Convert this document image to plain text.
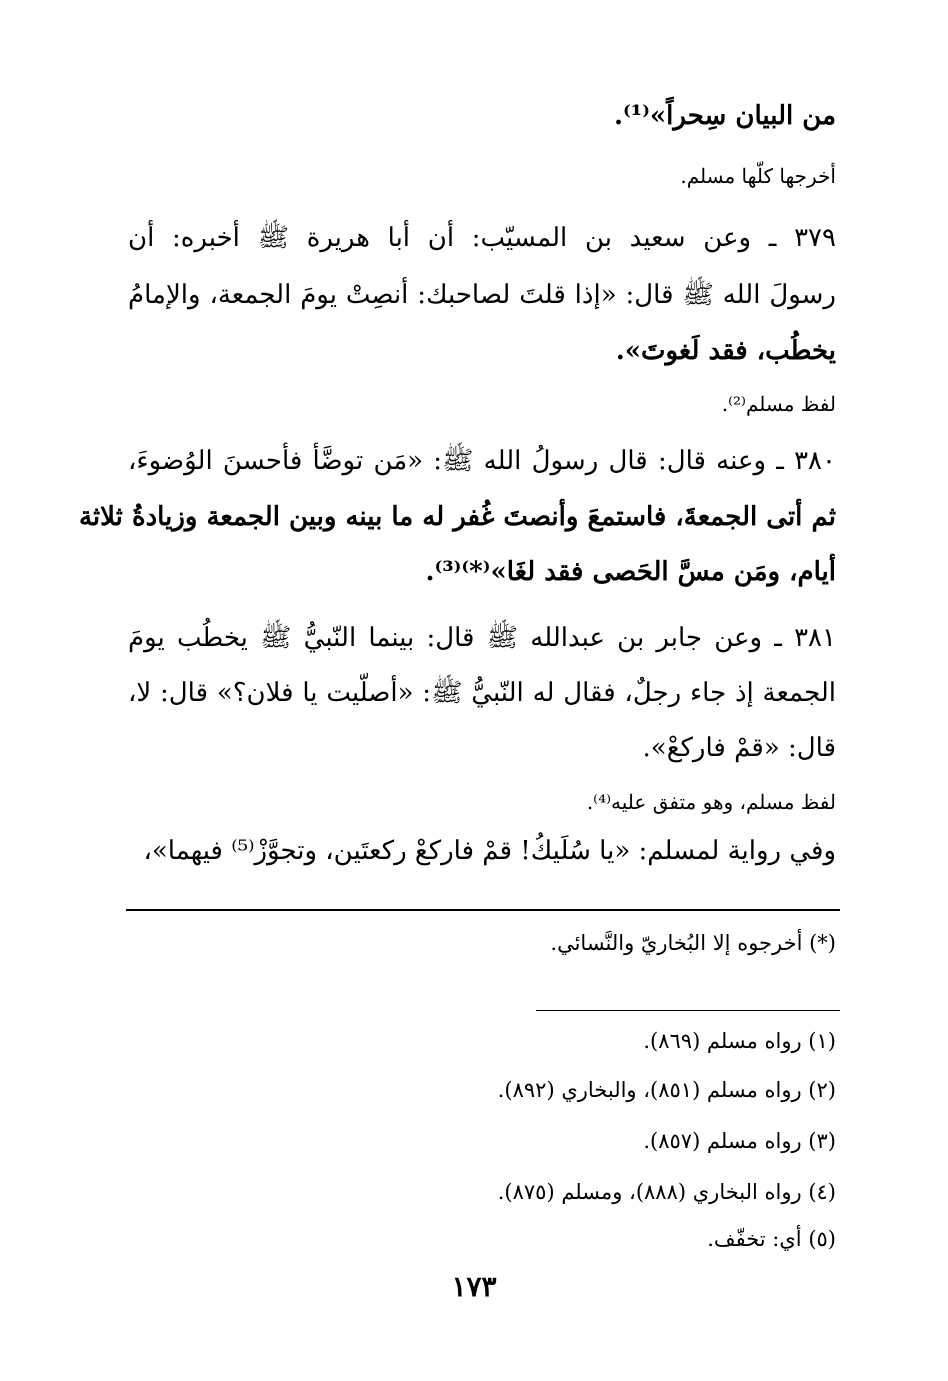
من البيان سِحراً»⁽¹⁾.
أخرجها كلّها مسلم.
٣٧٩ ـ وعن سعيد بن المسيّب: أن أبا هريرة ﷺ أخبره: أن
رسولَ الله ﷺ قال: «إذا قلتَ لصاحبك: أنصِتْ يومَ الجمعة، والإمامُ
يخطُب، فقد لَغوتَ».
لفظ مسلم⁽²⁾.
٣٨٠ ـ وعنه قال: قال رسولُ الله ﷺ: «مَن توضَّأ فأحسنَ الوُضوءَ،
ثم أتى الجمعةَ، فاستمعَ وأنصتَ غُفر له ما بينه وبين الجمعة وزيادةُ ثلاثة
أيام، ومَن مسَّ الحَصى فقد لغَا»⁽*⁾⁽³⁾.
٣٨١ ـ وعن جابر بن عبدالله ﷺ قال: بينما النّبيُّ ﷺ يخطُب يومَ
الجمعة إذ جاء رجلٌ، فقال له النّبيُّ ﷺ: «أصلّيت يا فلان؟» قال: لا،
قال: «قمْ فاركعْ».
لفظ مسلم، وهو متفق عليه⁽⁴⁾.
وفي رواية لمسلم: «يا سُلَيكُ! قمْ فاركعْ ركعتَين، وتجوَّزْ⁽⁵⁾ فيهما»،
(*) أخرجوه إلا البُخاريّ والنَّسائي.
(١) رواه مسلم (٨٦٩).
(٢) رواه مسلم (٨٥١)، والبخاري (٨٩٢).
(٣) رواه مسلم (٨٥٧).
(٤) رواه البخاري (٨٨٨)، ومسلم (٨٧٥).
(٥) أي: تخفّف.
١٧٣
